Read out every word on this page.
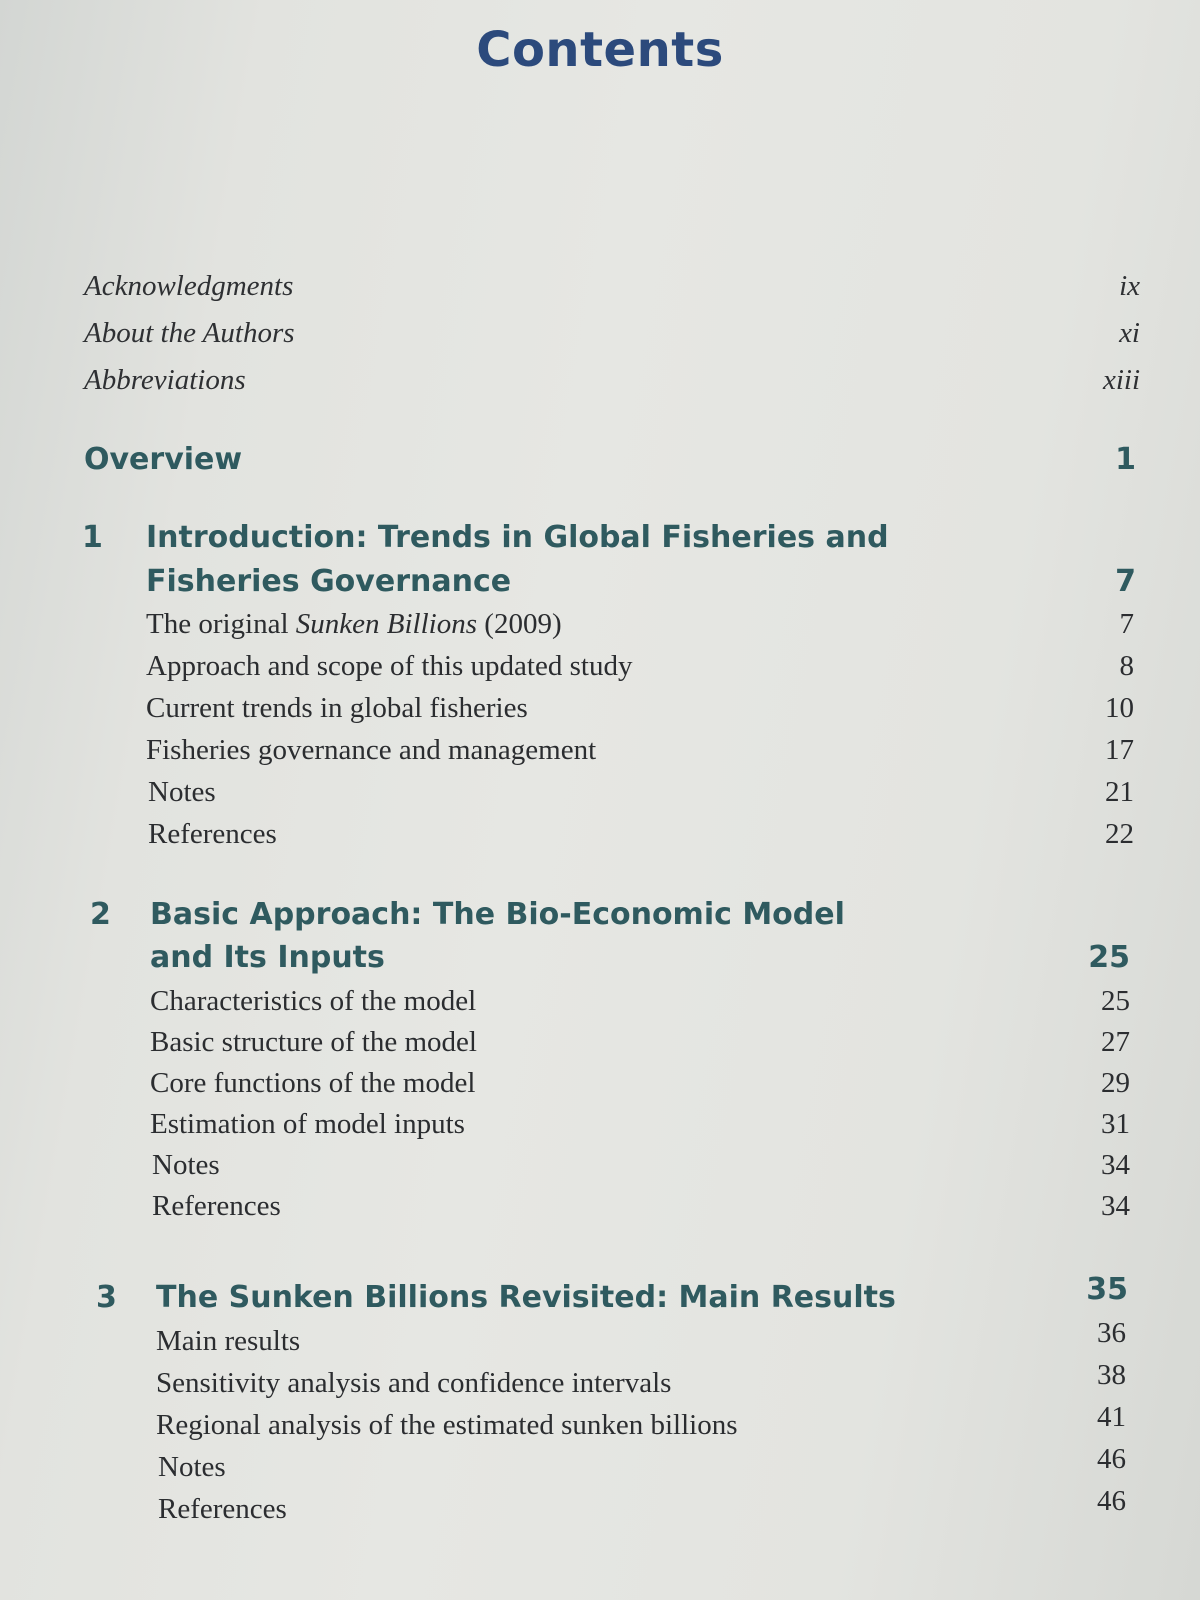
Contents
Acknowledgments	ix
About the Authors	xi
Abbreviations	xiii
Overview	1
1 Introduction: Trends in Global Fisheries and
Fisheries Governance	7
The original Sunken Billions (2009)	7
Approach and scope of this updated study	8
Current trends in global fisheries	10
Fisheries governance and management	17
Notes	21
References	22
2 Basic Approach: The Bio-Economic Model
and Its Inputs	25
Characteristics of the model	25
Basic structure of the model	27
Core functions of the model	29
Estimation of model inputs	31
Notes	34
References	34
3 The Sunken Billions Revisited: Main Results	35
Main results	36
Sensitivity analysis and confidence intervals	38
Regional analysis of the estimated sunken billions	41
Notes	46
References	46
